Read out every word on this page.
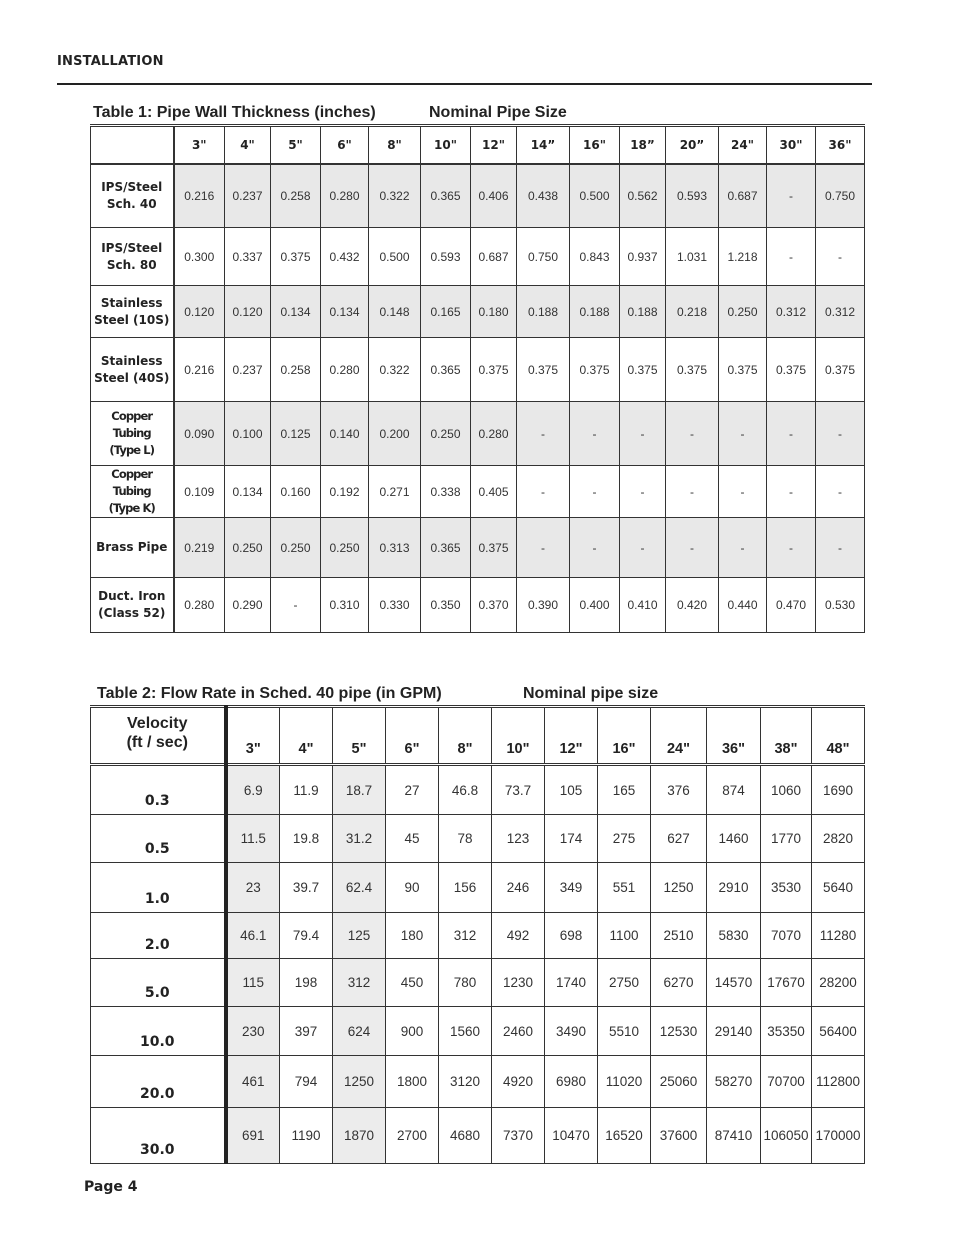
INSTALLATION
Table 1: Pipe Wall Thickness (inches)	Nominal Pipe Size
	3"	4"	5"	6"	8"	10"	12"	14”	16"	18”	20”	24"	30"	36"
IPS/Steel
Sch. 40	0.216	0.237	0.258	0.280	0.322	0.365	0.406	0.438	0.500	0.562	0.593	0.687	-	0.750
IPS/Steel
Sch. 80	0.300	0.337	0.375	0.432	0.500	0.593	0.687	0.750	0.843	0.937	1.031	1.218	-	-
Stainless
Steel (10S)	0.120	0.120	0.134	0.134	0.148	0.165	0.180	0.188	0.188	0.188	0.218	0.250	0.312	0.312
Stainless
Steel (40S)	0.216	0.237	0.258	0.280	0.322	0.365	0.375	0.375	0.375	0.375	0.375	0.375	0.375	0.375
Copper Tubing
(Type L)	0.090	0.100	0.125	0.140	0.200	0.250	0.280	-	-	-	-	-	-	-
Copper Tubing
(Type K)	0.109	0.134	0.160	0.192	0.271	0.338	0.405	-	-	-	-	-	-	-
Brass Pipe	0.219	0.250	0.250	0.250	0.313	0.365	0.375	-	-	-	-	-	-	-
Duct. Iron
(Class 52)	0.280	0.290	-	0.310	0.330	0.350	0.370	0.390	0.400	0.410	0.420	0.440	0.470	0.530
Table 2: Flow Rate in Sched. 40 pipe (in GPM)	Nominal pipe size
Velocity
(ft / sec)	3"	4"	5"	6"	8"	10"	12"	16"	24"	36"	38"	48"
0.3	6.9	11.9	18.7	27	46.8	73.7	105	165	376	874	1060	1690
0.5	11.5	19.8	31.2	45	78	123	174	275	627	1460	1770	2820
1.0	23	39.7	62.4	90	156	246	349	551	1250	2910	3530	5640
2.0	46.1	79.4	125	180	312	492	698	1100	2510	5830	7070	11280
5.0	115	198	312	450	780	1230	1740	2750	6270	14570	17670	28200
10.0	230	397	624	900	1560	2460	3490	5510	12530	29140	35350	56400
20.0	461	794	1250	1800	3120	4920	6980	11020	25060	58270	70700	112800
30.0	691	1190	1870	2700	4680	7370	10470	16520	37600	87410	106050	170000
Page 4
